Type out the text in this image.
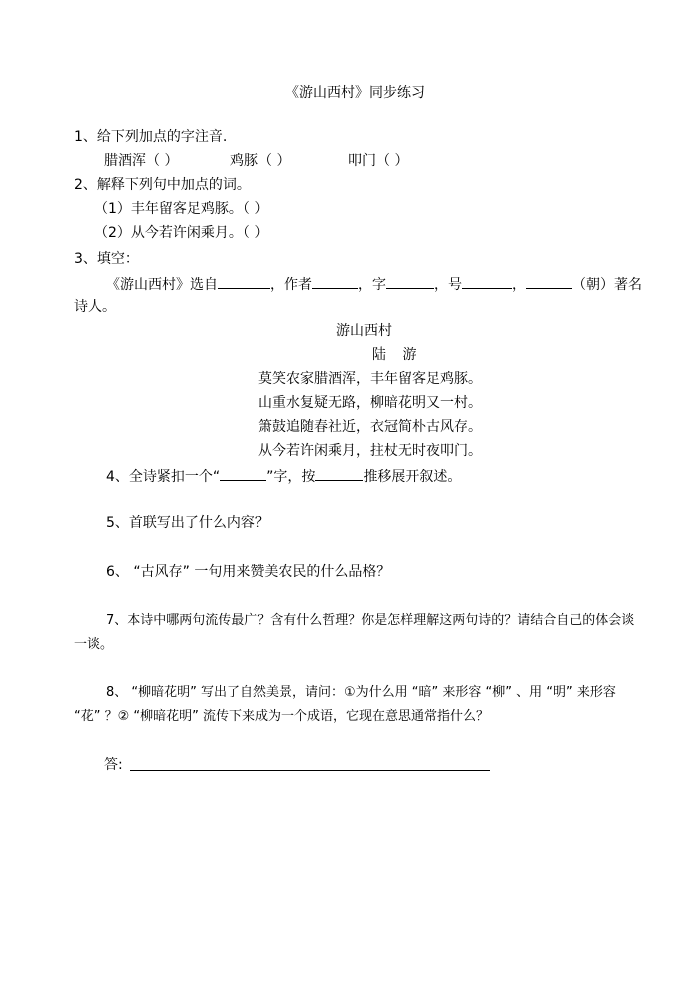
《游山西村》同步练习
1、给下列加点的字注音.
腊酒浑（ ）	鸡豚（ ）	叩门（ ）
2、解释下列句中加点的词。
（1）丰年留客足鸡豚。（ ）
（2）从今若许闲乘月。（ ）
3、填空：
《游山西村》选自	，作者	，字	，号	，	（朝）著名
诗人。
游山西村
陆 游
莫笑农家腊酒浑，丰年留客足鸡豚。
山重水复疑无路，柳暗花明又一村。
箫鼓追随春社近，衣冠简朴古风存。
从今若许闲乘月，拄杖无时夜叩门。
4、全诗紧扣一个“	”字，按	推移展开叙述。
5、首联写出了什么内容？
6、 “古风存” 一句用来赞美农民的什么品格？
7、本诗中哪两句流传最广？含有什么哲理？你是怎样理解这两句诗的？请结合自己的体会谈
一谈。
8、 “柳暗花明” 写出了自然美景，请问：①为什么用 “暗” 来形容 “柳” 、用 “明” 来形容
“花” ？② “柳暗花明” 流传下来成为一个成语，它现在意思通常指什么？
答:
